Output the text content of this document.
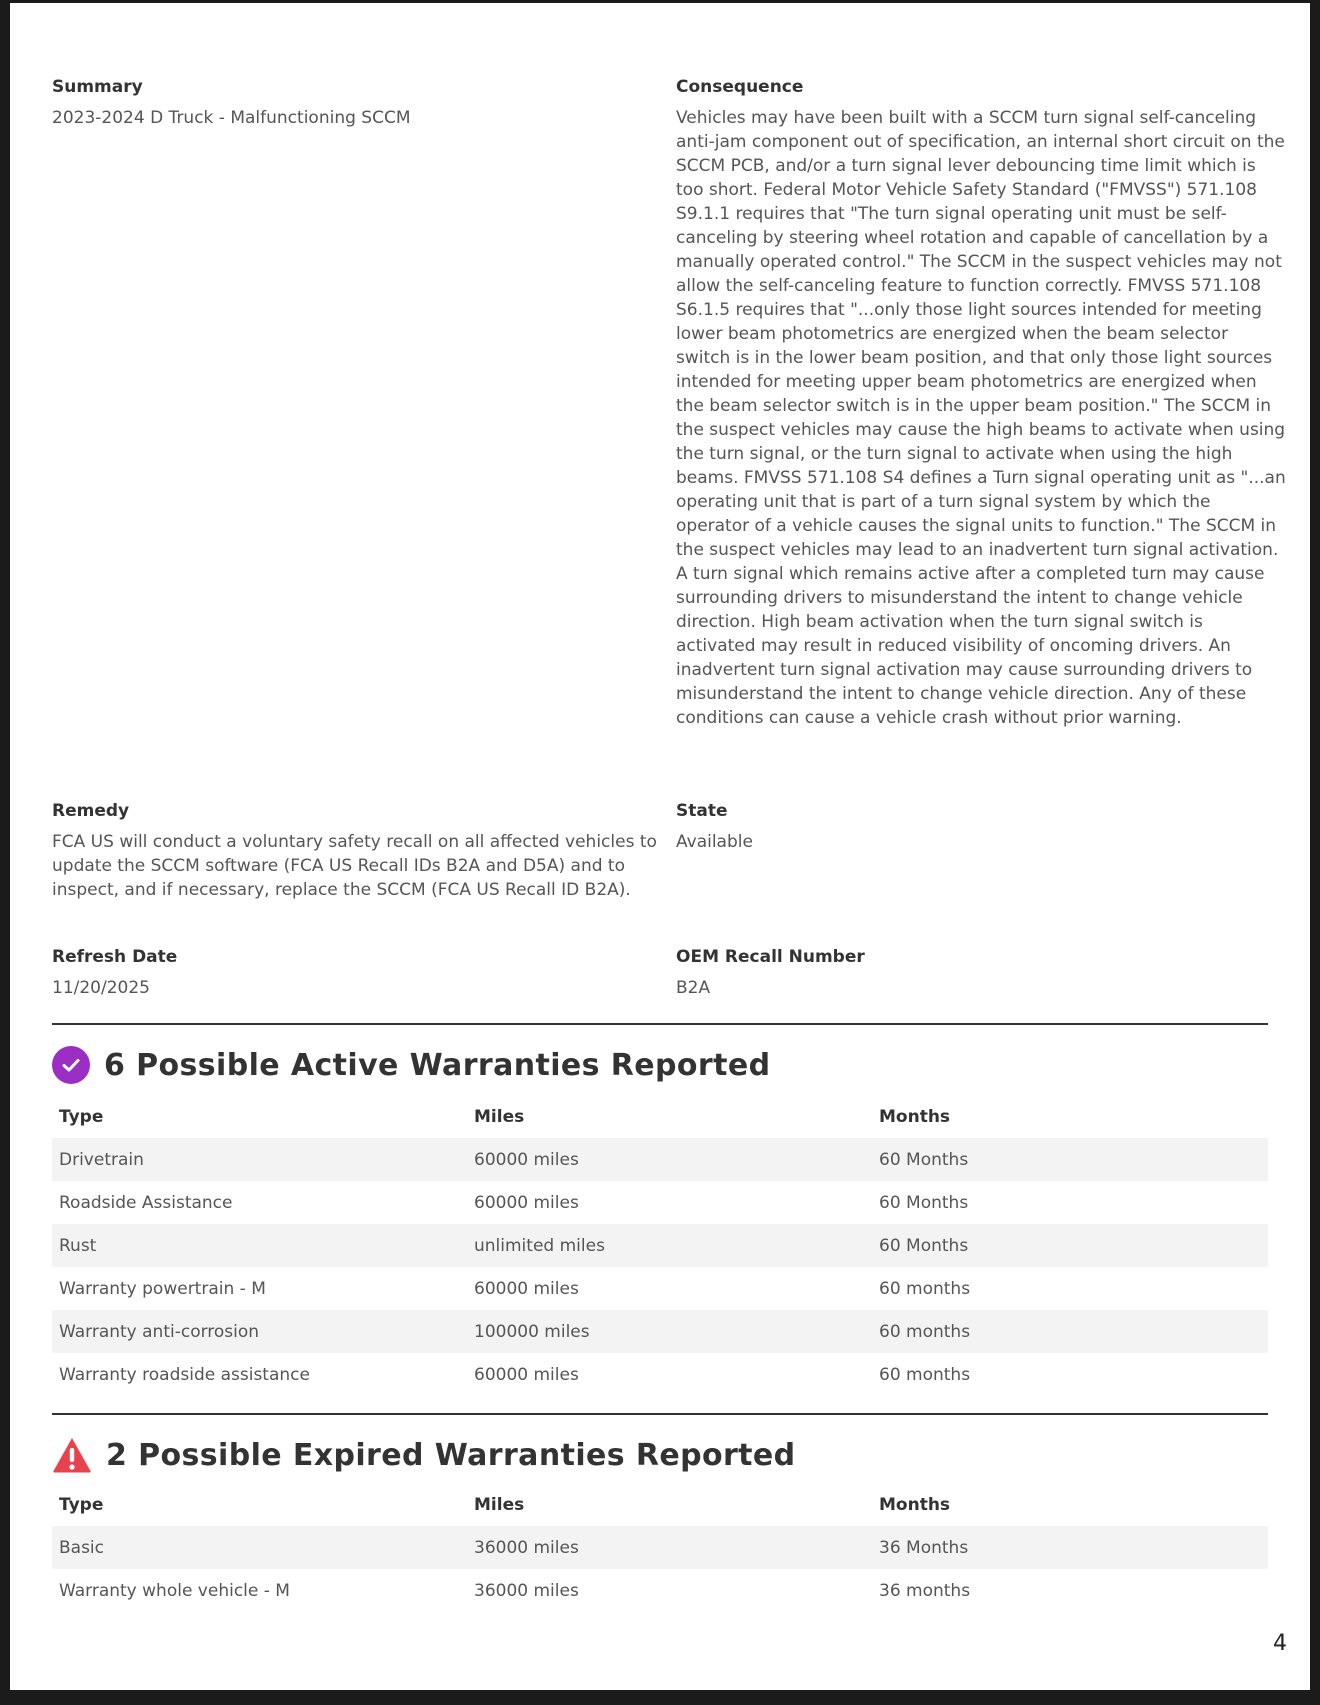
Summary

2023-2024 D Truck - Malfunctioning SCCM

Consequence

Vehicles may have been built with a SCCM turn signal self-canceling anti-jam component out of specification, an internal short circuit on the SCCM PCB, and/or a turn signal lever debouncing time limit which is too short. Federal Motor Vehicle Safety Standard ("FMVSS") 571.108 S9.1.1 requires that "The turn signal operating unit must be self-canceling by steering wheel rotation and capable of cancellation by a manually operated control." The SCCM in the suspect vehicles may not allow the self-canceling feature to function correctly. FMVSS 571.108 S6.1.5 requires that "...only those light sources intended for meeting lower beam photometrics are energized when the beam selector switch is in the lower beam position, and that only those light sources intended for meeting upper beam photometrics are energized when the beam selector switch is in the upper beam position." The SCCM in the suspect vehicles may cause the high beams to activate when using the turn signal, or the turn signal to activate when using the high beams. FMVSS 571.108 S4 defines a Turn signal operating unit as "...an operating unit that is part of a turn signal system by which the operator of a vehicle causes the signal units to function." The SCCM in the suspect vehicles may lead to an inadvertent turn signal activation. A turn signal which remains active after a completed turn may cause surrounding drivers to misunderstand the intent to change vehicle direction. High beam activation when the turn signal switch is activated may result in reduced visibility of oncoming drivers. An inadvertent turn signal activation may cause surrounding drivers to misunderstand the intent to change vehicle direction. Any of these conditions can cause a vehicle crash without prior warning.

Remedy

FCA US will conduct a voluntary safety recall on all affected vehicles to update the SCCM software (FCA US Recall IDs B2A and D5A) and to inspect, and if necessary, replace the SCCM (FCA US Recall ID B2A).

State

Available

Refresh Date

11/20/2025

OEM Recall Number

B2A

6 Possible Active Warranties Reported
Type	Miles	Months
Drivetrain	60000 miles	60 Months
Roadside Assistance	60000 miles	60 Months
Rust	unlimited miles	60 Months
Warranty powertrain - M	60000 miles	60 months
Warranty anti-corrosion	100000 miles	60 months
Warranty roadside assistance	60000 miles	60 months
2 Possible Expired Warranties Reported
Type	Miles	Months
Basic	36000 miles	36 Months
Warranty whole vehicle - M	36000 miles	36 months
4
